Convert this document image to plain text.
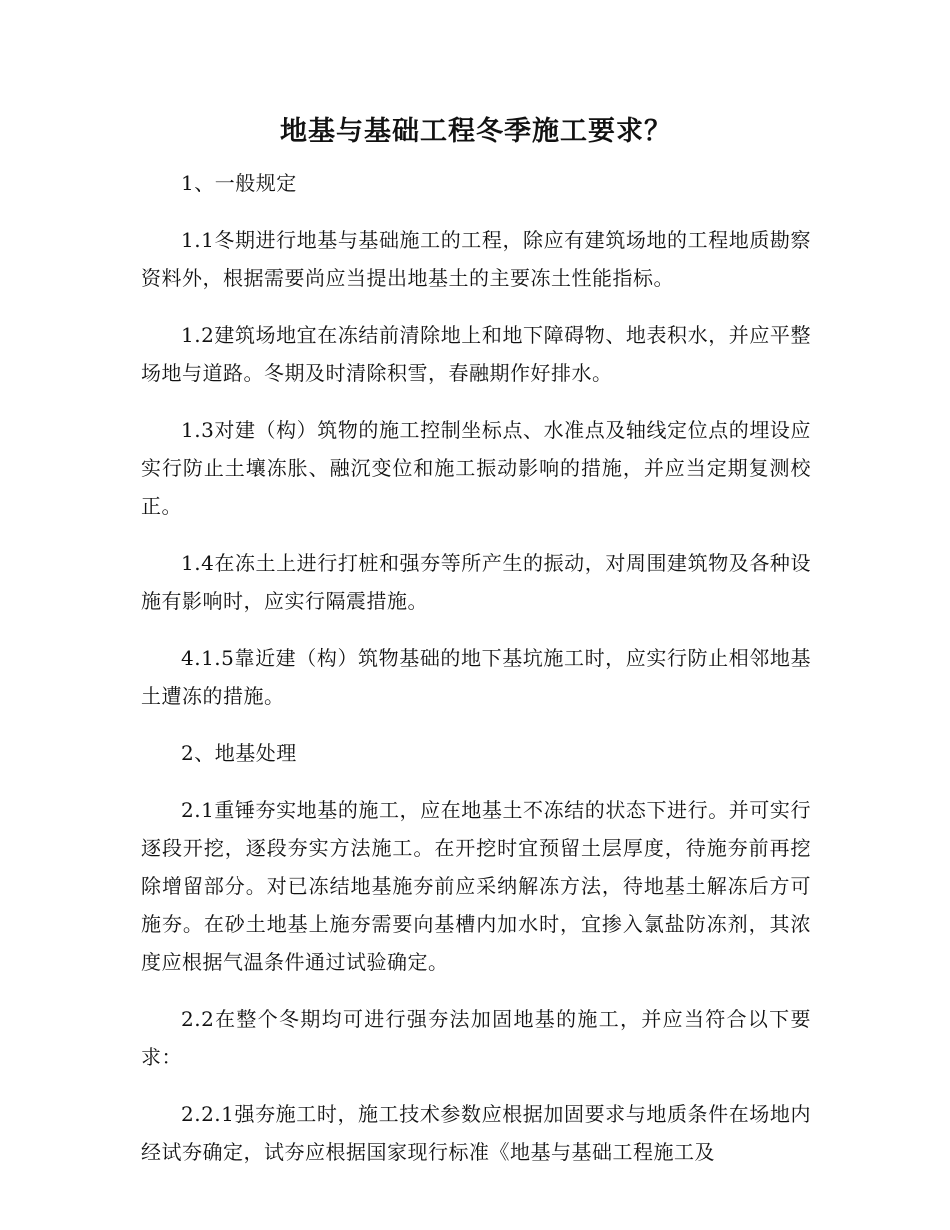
地基与基础工程冬季施工要求？

1、一般规定

1.1冬期进行地基与基础施工的工程，除应有建筑场地的工程地质勘察资料外，根据需要尚应当提出地基土的主要冻土性能指标。

1.2建筑场地宜在冻结前清除地上和地下障碍物、地表积水，并应平整场地与道路。冬期及时清除积雪，春融期作好排水。

1.3对建（构）筑物的施工控制坐标点、水准点及轴线定位点的埋设应实行防止土壤冻胀、融沉变位和施工振动影响的措施，并应当定期复测校正。

1.4在冻土上进行打桩和强夯等所产生的振动，对周围建筑物及各种设施有影响时，应实行隔震措施。

4.1.5靠近建（构）筑物基础的地下基坑施工时，应实行防止相邻地基土遭冻的措施。

2、地基处理

2.1重锤夯实地基的施工，应在地基土不冻结的状态下进行。并可实行逐段开挖，逐段夯实方法施工。在开挖时宜预留土层厚度，待施夯前再挖除增留部分。对已冻结地基施夯前应采纳解冻方法，待地基土解冻后方可施夯。在砂土地基上施夯需要向基槽内加水时，宜掺入氯盐防冻剂，其浓度应根据气温条件通过试验确定。

2.2在整个冬期均可进行强夯法加固地基的施工，并应当符合以下要求：

2.2.1强夯施工时，施工技术参数应根据加固要求与地质条件在场地内经试夯确定，试夯应根据国家现行标准《地基与基础工程施工及
